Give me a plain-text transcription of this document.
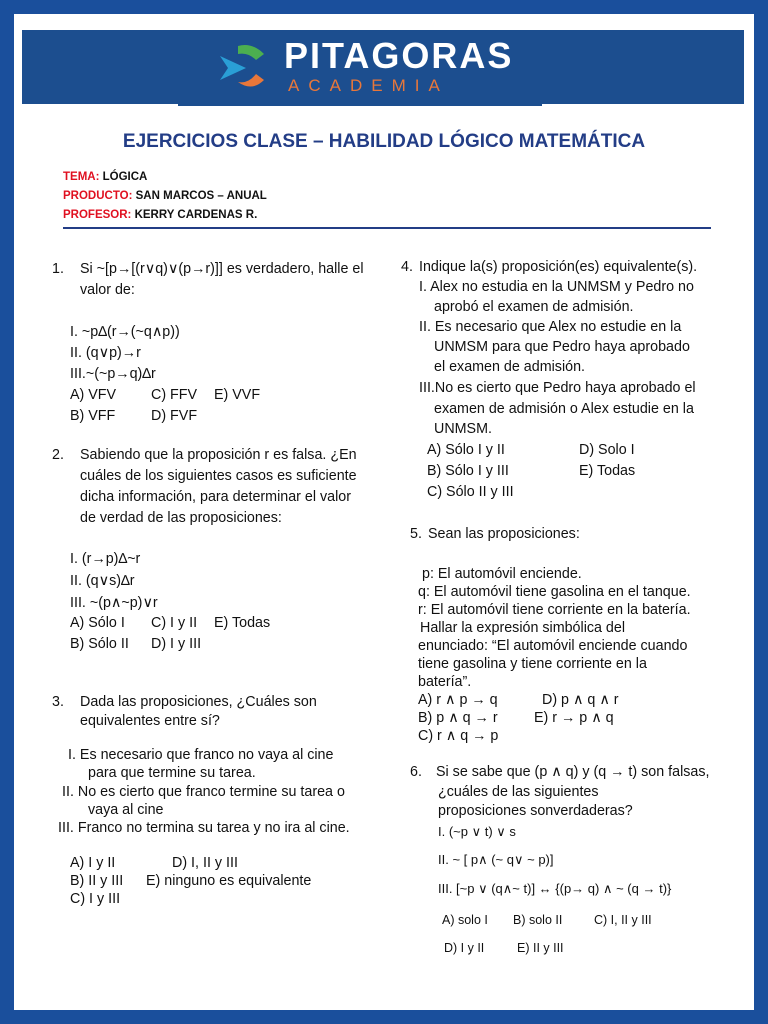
PITAGORAS
ACADEMIA
EJERCICIOS CLASE – HABILIDAD LÓGICO MATEMÁTICA
TEMA: LÓGICA
PRODUCTO: SAN MARCOS – ANUAL
PROFESOR: KERRY CARDENAS R.
1. Si ~[p→[(r∨q)∨(p→r)]] es verdadero, halle el
valor de:
I. ~p∆(r→(~q∧p))
II. (q∨p)→r
III.~(~p→q)∆r
A) VFV C) FFV E) VVF
B) VFF D) FVF
2. Sabiendo que la proposición r es falsa. ¿En
cuáles de los siguientes casos es suficiente
dicha información, para determinar el valor
de verdad de las proposiciones:
I. (r→p)∆~r
II. (q∨s)∆r
III. ~(p∧~p)∨r
A) Sólo I C) I y II E) Todas
B) Sólo II D) I y III
3. Dada las proposiciones, ¿Cuáles son
equivalentes entre sí?
I. Es necesario que franco no vaya al cine
para que termine su tarea.
II. No es cierto que franco termine su tarea o
vaya al cine
III. Franco no termina su tarea y no ira al cine.
A) I y II	D) I, II y III
B) II y III E) ninguno es equivalente
C) I y III
4. Indique la(s) proposición(es) equivalente(s).
I. Alex no estudia en la UNMSM y Pedro no
aprobó el examen de admisión.
II. Es necesario que Alex no estudie en la
UNMSM para que Pedro haya aprobado
el examen de admisión.
III.No es cierto que Pedro haya aprobado el
examen de admisión o Alex estudie en la
UNMSM.
A) Sólo I y II	D) Solo I
B) Sólo I y III	E) Todas
C) Sólo II y III
5. Sean las proposiciones:
p: El automóvil enciende.
q: El automóvil tiene gasolina en el tanque.
r: El automóvil tiene corriente en la batería.
Hallar la expresión simbólica del
enunciado: “El automóvil enciende cuando
tiene gasolina y tiene corriente en la
batería”.
A) r ∧ p → q	D) p ∧ q ∧ r
B) p ∧ q → r	E) r → p ∧ q
C) r ∧ q → p
6. Si se sabe que (p ∧ q) y (q → t) son falsas,
¿cuáles de las siguientes
proposiciones sonverdaderas?
I. (~p ∨ t) ∨ s
II. ~ [ p∧ (~ q∨ ~ p)]
III. [~p ∨ (q∧~ t)] ↔ {(p→ q) ∧ ~ (q → t)}
A) solo I B) solo II	C) I, II y III
D) I y II	E) II y III
